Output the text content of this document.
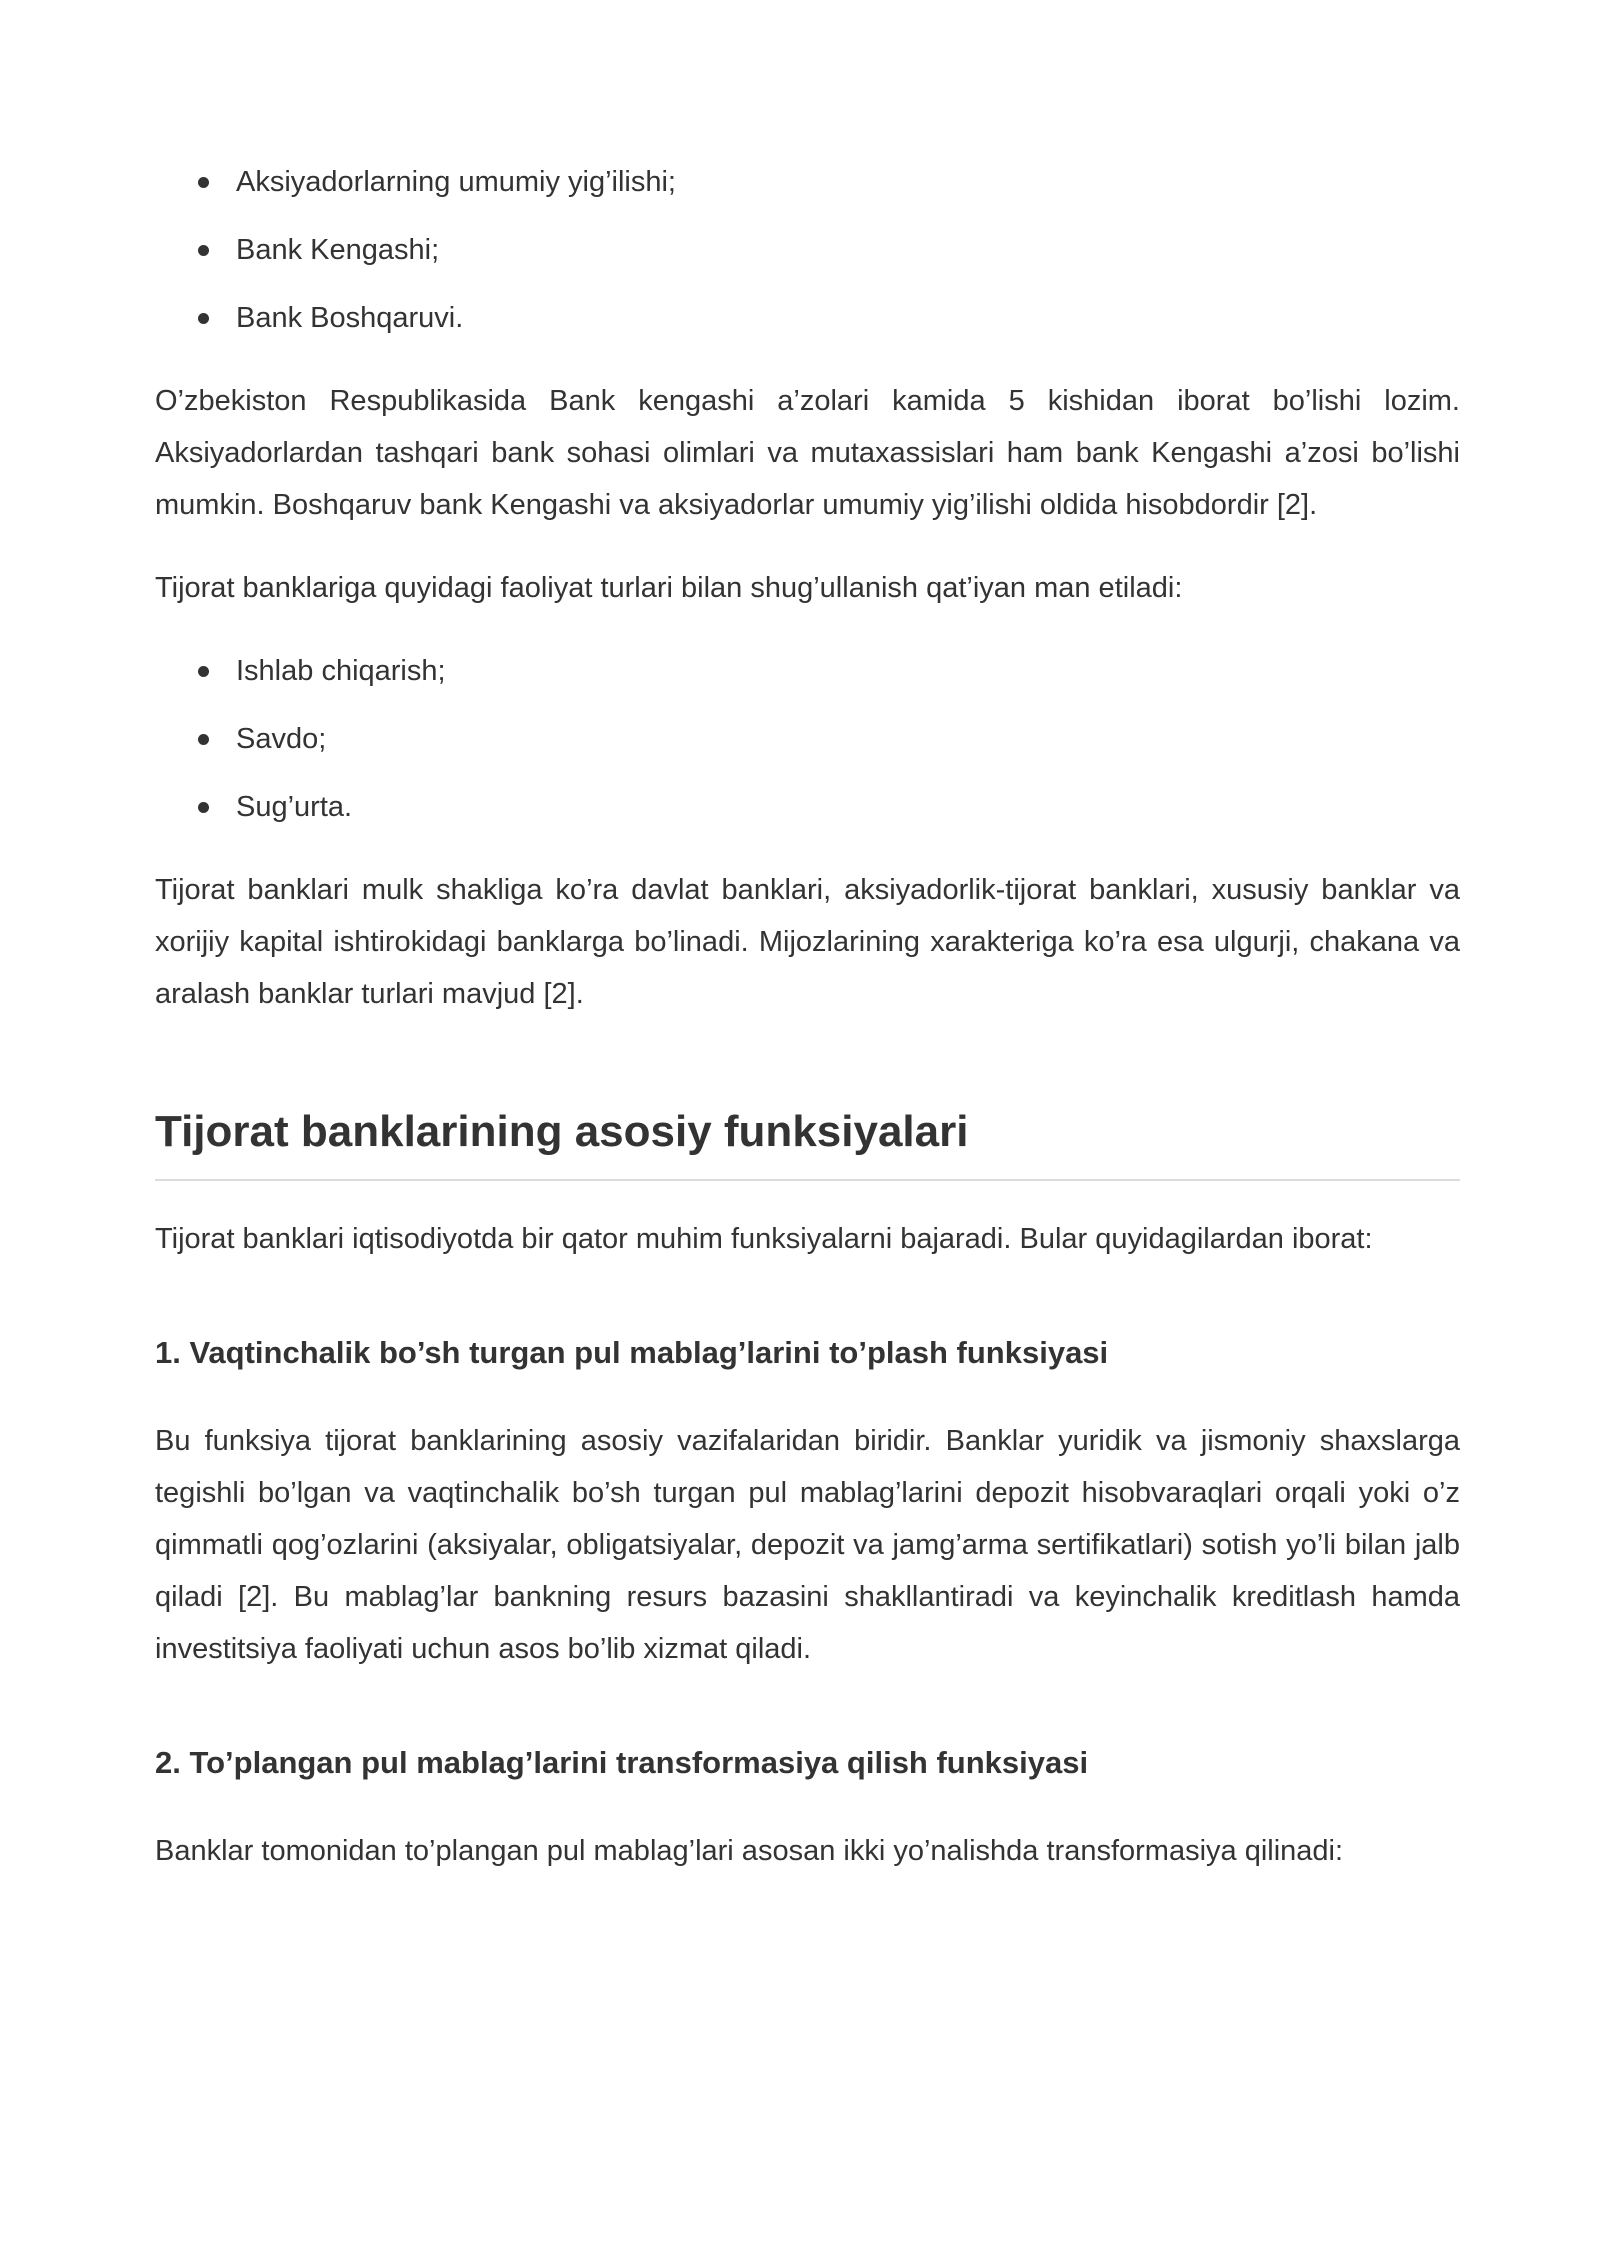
Aksiyadorlarning umumiy yig’ilishi;
Bank Kengashi;
Bank Boshqaruvi.

O’zbekiston Respublikasida Bank kengashi a’zolari kamida 5 kishidan iborat bo’lishi lozim. Aksiyadorlardan tashqari bank sohasi olimlari va mutaxassislari ham bank Kengashi a’zosi bo’lishi mumkin. Boshqaruv bank Kengashi va aksiyadorlar umumiy yig’ilishi oldida hisobdordir [2].

Tijorat banklariga quyidagi faoliyat turlari bilan shug’ullanish qat’iyan man etiladi:

Ishlab chiqarish;
Savdo;
Sug’urta.

Tijorat banklari mulk shakliga ko’ra davlat banklari, aksiyadorlik-tijorat banklari, xususiy banklar va xorijiy kapital ishtirokidagi banklarga bo’linadi. Mijozlarining xarakteriga ko’ra esa ulgurji, chakana va aralash banklar turlari mavjud [2].

Tijorat banklarining asosiy funksiyalari

Tijorat banklari iqtisodiyotda bir qator muhim funksiyalarni bajaradi. Bular quyidagilardan iborat:

1. Vaqtinchalik bo’sh turgan pul mablag’larini to’plash funksiyasi

Bu funksiya tijorat banklarining asosiy vazifalaridan biridir. Banklar yuridik va jismoniy shaxslarga tegishli bo’lgan va vaqtinchalik bo’sh turgan pul mablag’larini depozit hisobvaraqlari orqali yoki o’z qimmatli qog’ozlarini (aksiyalar, obligatsiyalar, depozit va jamg’arma sertifikatlari) sotish yo’li bilan jalb qiladi [2]. Bu mablag’lar bankning resurs bazasini shakllantiradi va keyinchalik kreditlash hamda investitsiya faoliyati uchun asos bo’lib xizmat qiladi.

2. To’plangan pul mablag’larini transformasiya qilish funksiyasi

Banklar tomonidan to’plangan pul mablag’lari asosan ikki yo’nalishda transformasiya qilinadi:
